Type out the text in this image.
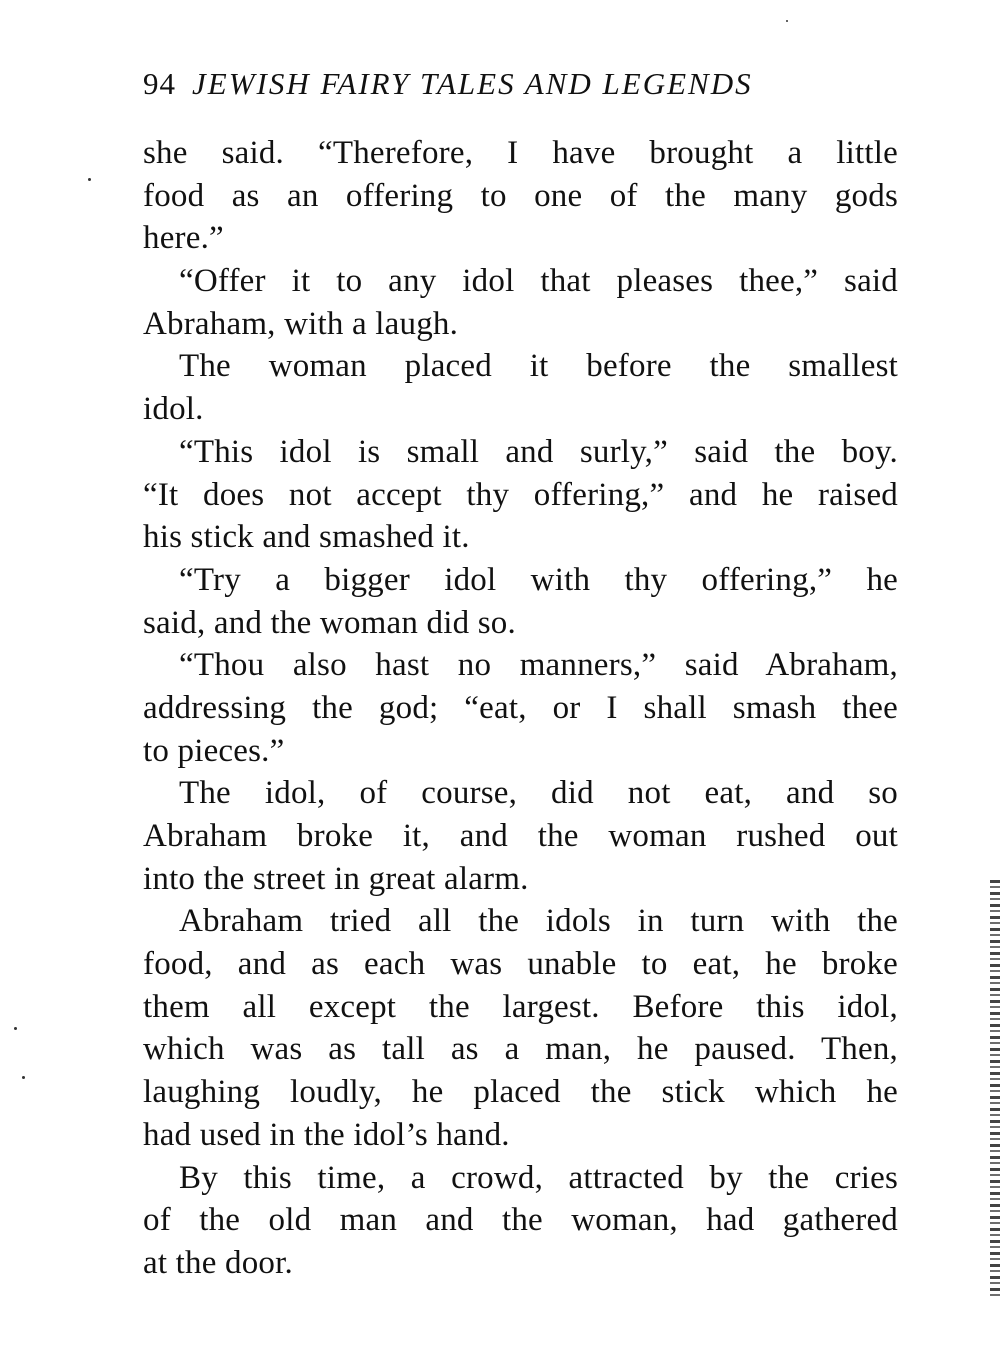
94 JEWISH FAIRY TALES AND LEGENDS

she said. “Therefore, I have brought a little
food as an offering to one of the many gods
here.”

“Offer it to any idol that pleases thee,” said
Abraham, with a laugh.

The woman placed it before the smallest
idol.

“This idol is small and surly,” said the boy.
“It does not accept thy offering,” and he raised
his stick and smashed it.

“Try a bigger idol with thy offering,” he
said, and the woman did so.

“Thou also hast no manners,” said Abraham,
addressing the god; “eat, or I shall smash thee
to pieces.”

The idol, of course, did not eat, and so
Abraham broke it, and the woman rushed out
into the street in great alarm.

Abraham tried all the idols in turn with the
food, and as each was unable to eat, he broke
them all except the largest. Before this idol,
which was as tall as a man, he paused. Then,
laughing loudly, he placed the stick which he
had used in the idol’s hand.

By this time, a crowd, attracted by the cries
of the old man and the woman, had gathered
at the door.
